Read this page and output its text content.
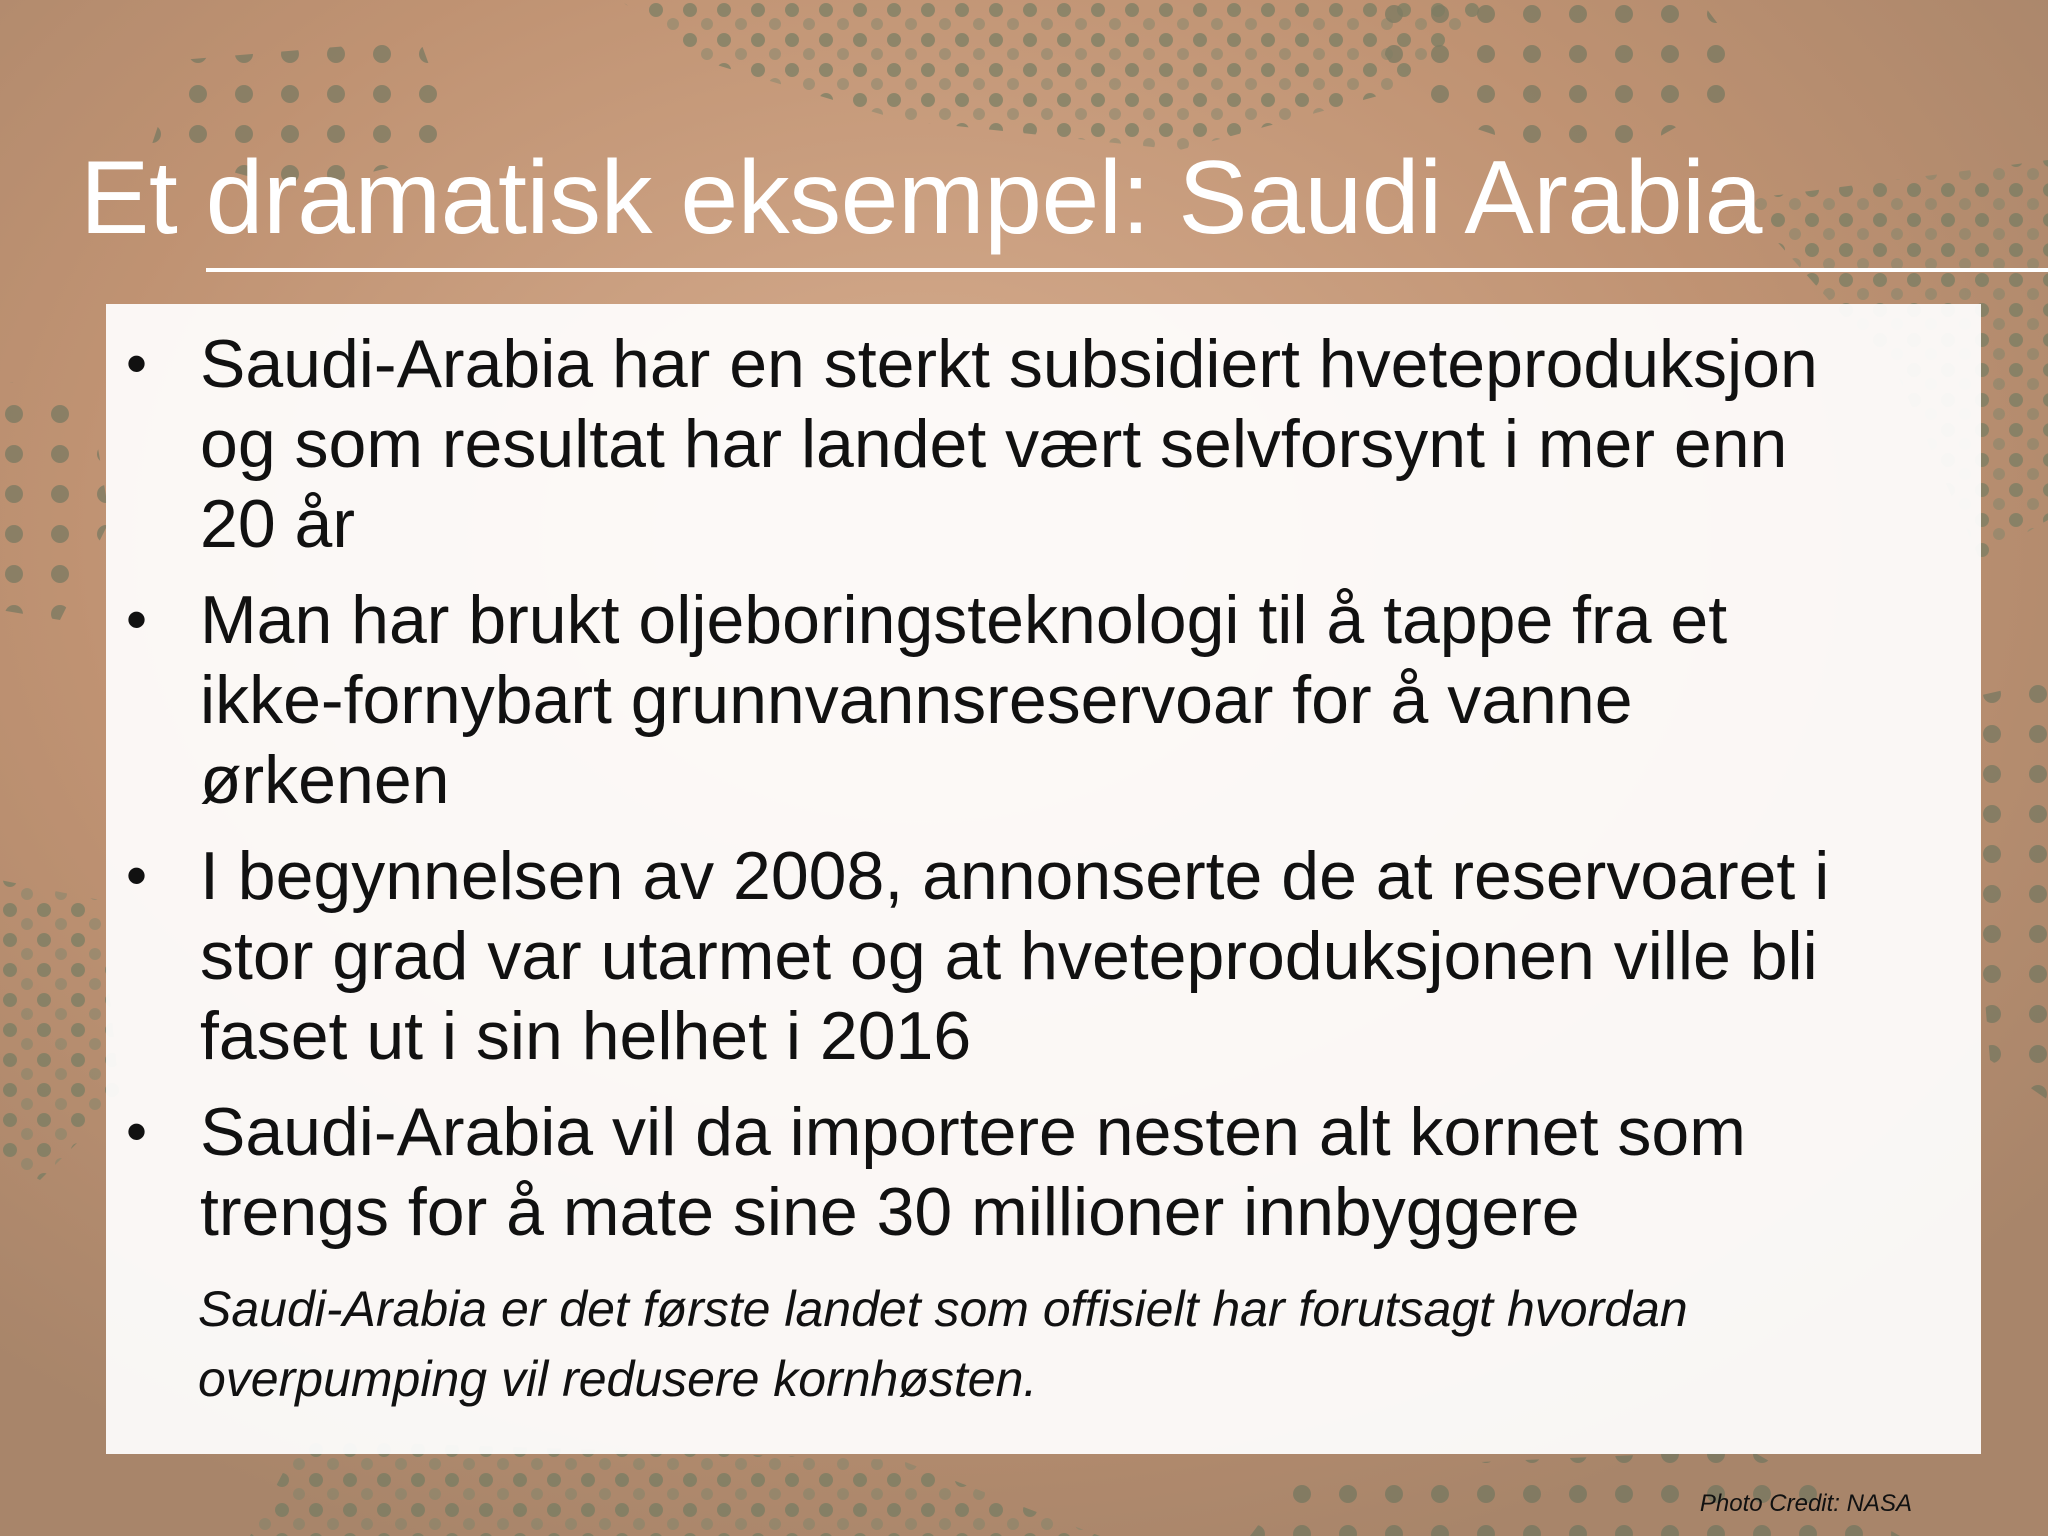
Et dramatisk eksempel: Saudi Arabia
• Saudi-Arabia har en sterkt subsidiert hveteproduksjon
og som resultat har landet vært selvforsynt i mer enn
20 år
• Man har brukt oljeboringsteknologi til å tappe fra et
ikke-fornybart grunnvannsreservoar for å vanne
ørkenen
• I begynnelsen av 2008, annonserte de at reservoaret i
stor grad var utarmet og at hveteproduksjonen ville bli
faset ut i sin helhet i 2016
• Saudi-Arabia vil da importere nesten alt kornet som
trengs for å mate sine 30 millioner innbyggere
Saudi-Arabia er det første landet som offisielt har forutsagt hvordan
overpumping vil redusere kornhøsten.
Photo Credit: NASA
